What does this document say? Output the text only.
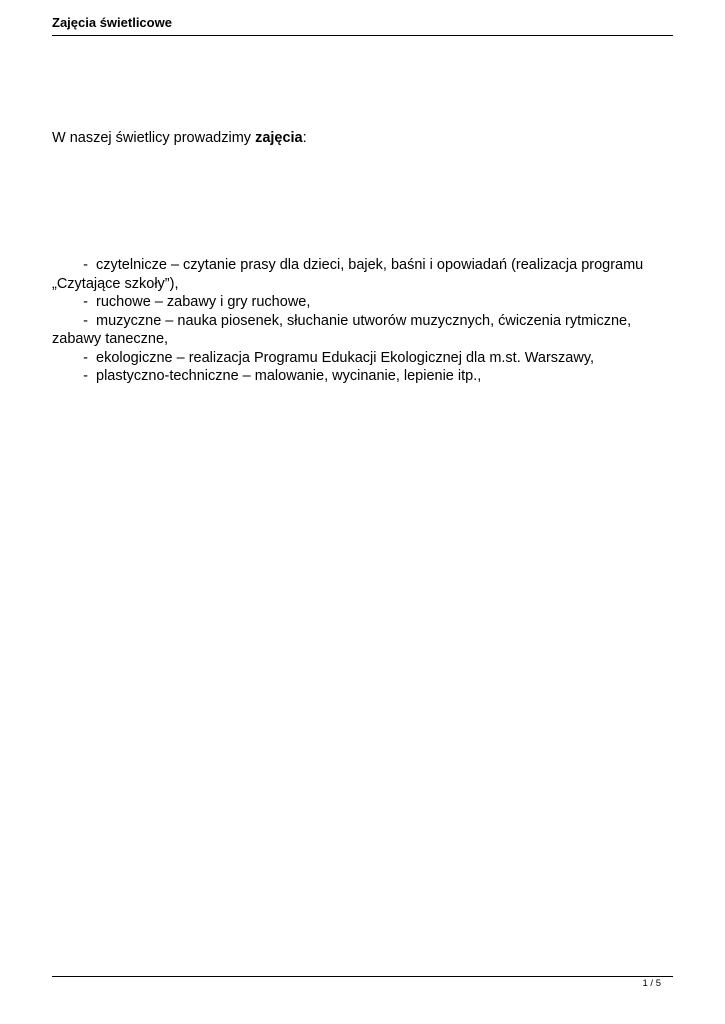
Zajęcia świetlicowe
W naszej świetlicy prowadzimy zajęcia:
- czytelnicze – czytanie prasy dla dzieci, bajek, baśni i opowiadań (realizacja programu
„Czytające szkoły”),
- ruchowe – zabawy i gry ruchowe,
- muzyczne – nauka piosenek, słuchanie utworów muzycznych, ćwiczenia rytmiczne,
zabawy taneczne,
- ekologiczne – realizacja Programu Edukacji Ekologicznej dla m.st. Warszawy,
- plastyczno-techniczne – malowanie, wycinanie, lepienie itp.,
1 / 5
